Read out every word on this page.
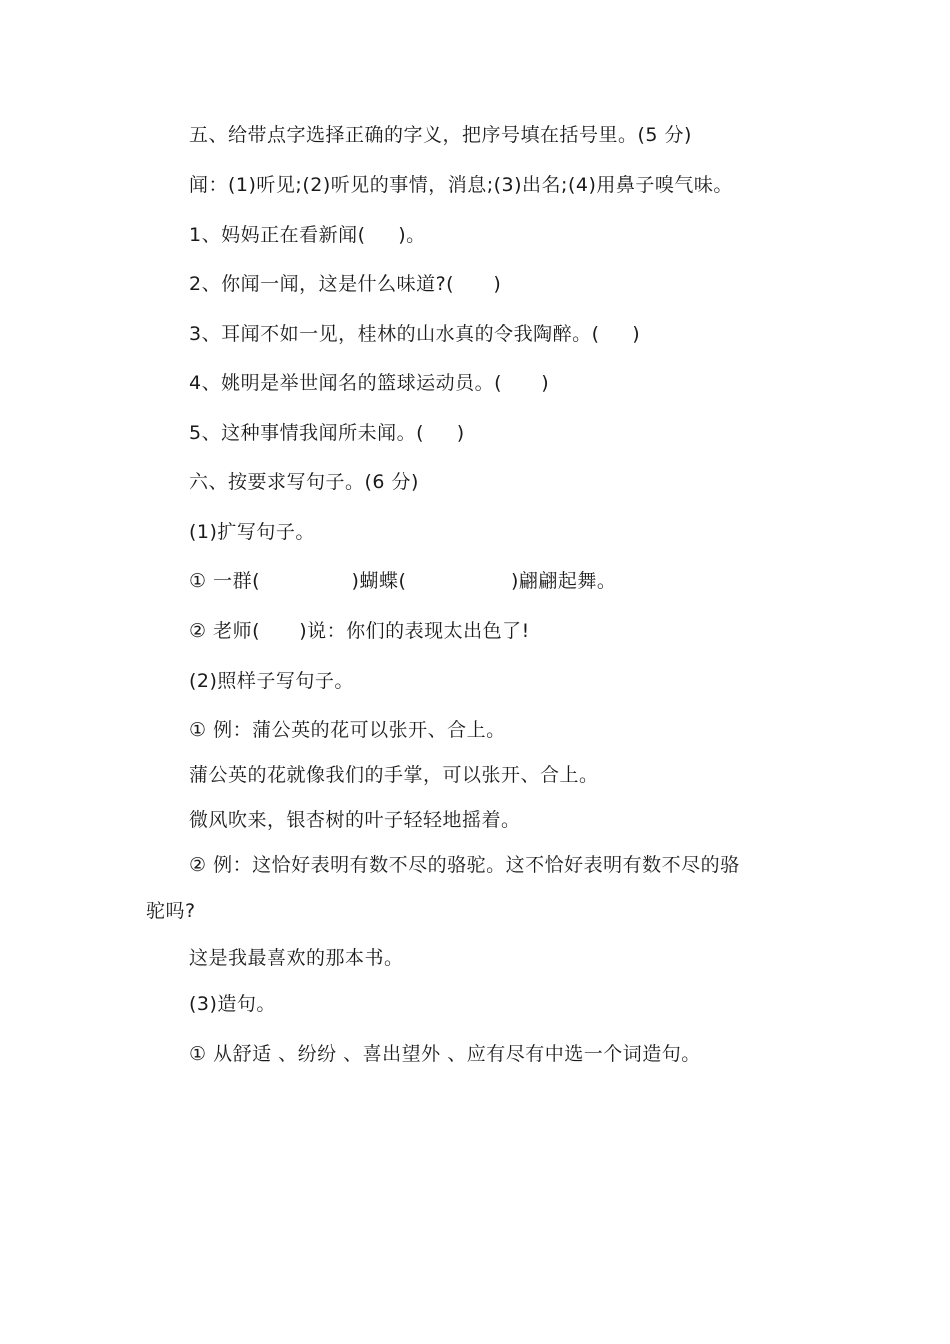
五、给带点字选择正确的字义，把序号填在括号里。(5 分)
闻：(1)听见;(2)听见的事情，消息;(3)出名;(4)用鼻子嗅气味。
1、妈妈正在看新闻(     )。
2、你闻一闻，这是什么味道?(      )
3、耳闻不如一见，桂林的山水真的令我陶醉。(     )
4、姚明是举世闻名的篮球运动员。(      )
5、这种事情我闻所未闻。(     )
六、按要求写句子。(6 分)
(1)扩写句子。
① 一群(              )蝴蝶(                )翩翩起舞。
② 老师(      )说：你们的表现太出色了!
(2)照样子写句子。
① 例：蒲公英的花可以张开、合上。
蒲公英的花就像我们的手掌，可以张开、合上。
微风吹来，银杏树的叶子轻轻地摇着。
② 例：这恰好表明有数不尽的骆驼。这不恰好表明有数不尽的骆
驼吗?
这是我最喜欢的那本书。
(3)造句。
① 从舒适 、纷纷 、喜出望外 、应有尽有中选一个词造句。
